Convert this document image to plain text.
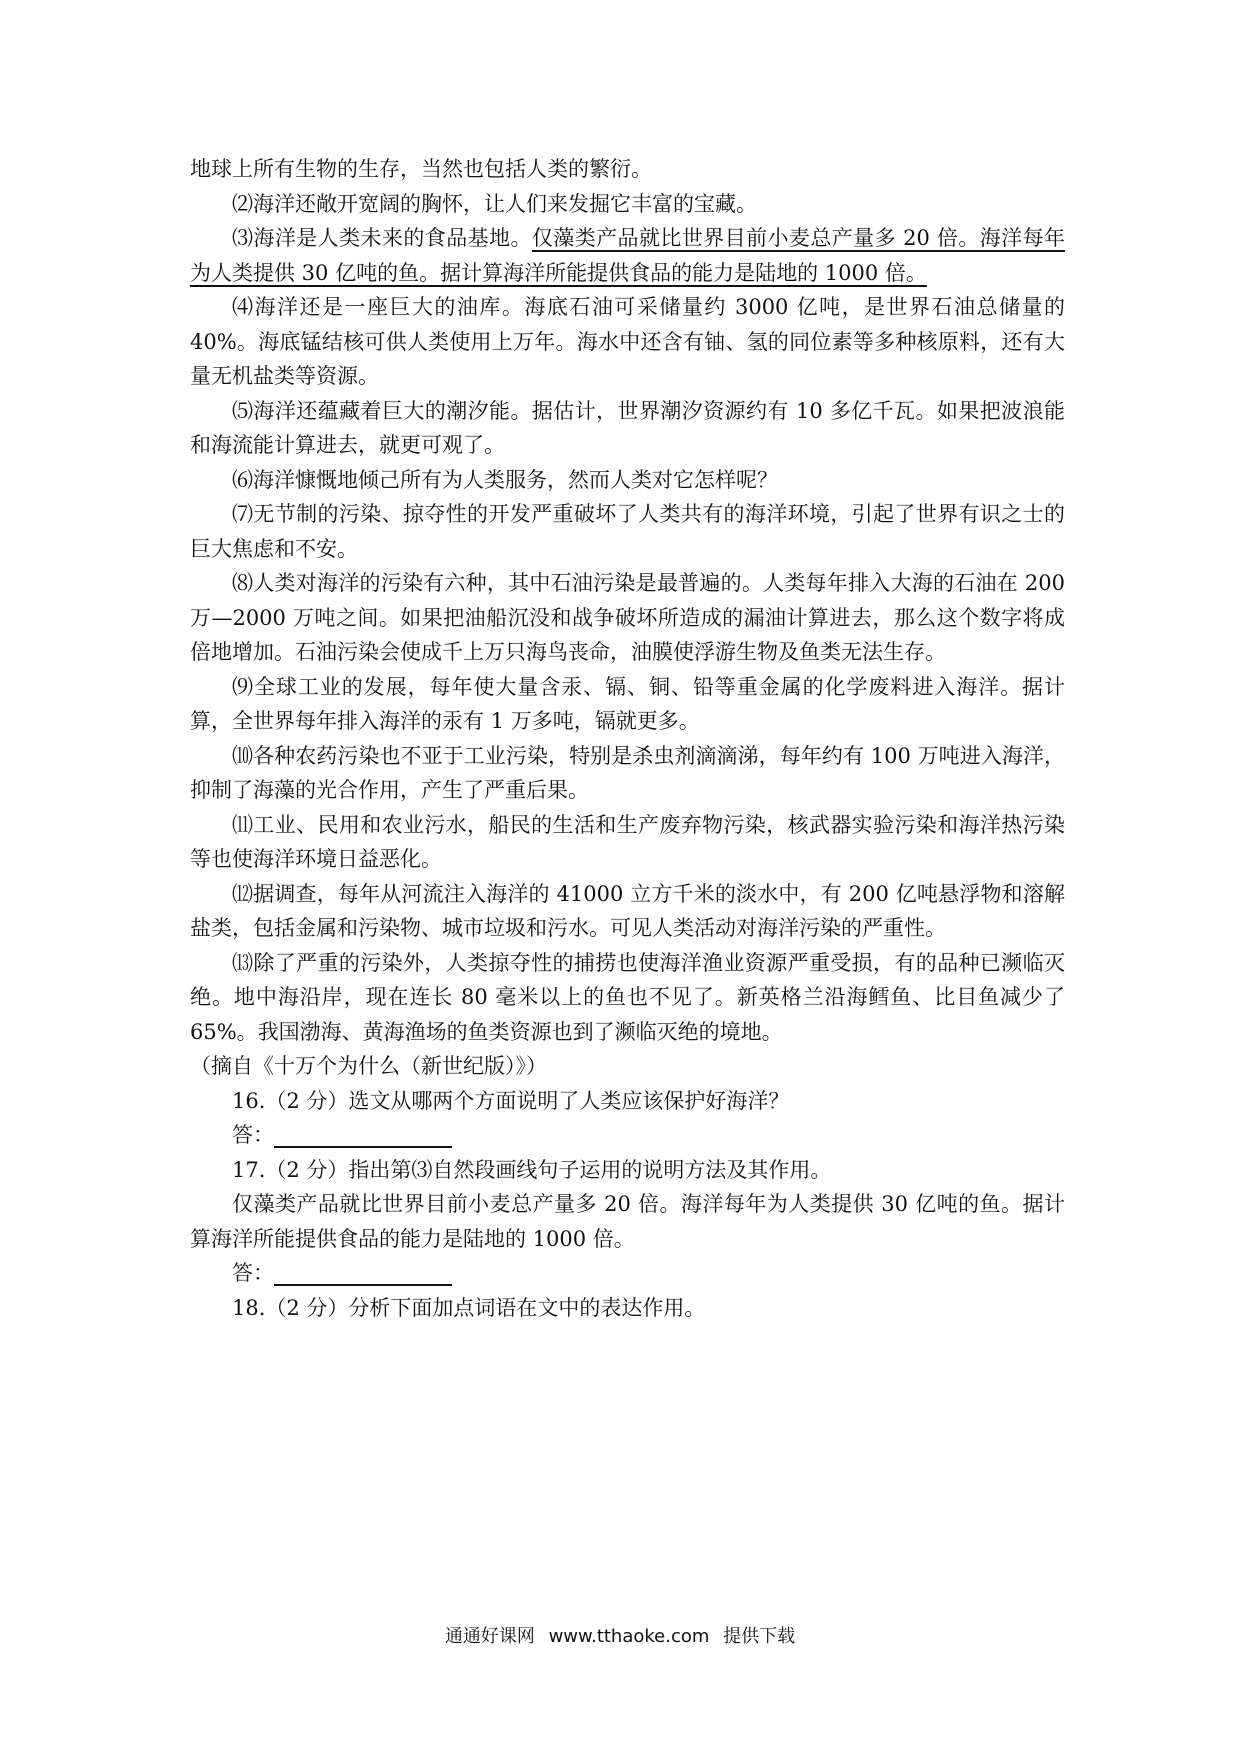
地球上所有生物的生存，当然也包括人类的繁衍。

⑵海洋还敞开宽阔的胸怀，让人们来发掘它丰富的宝藏。

⑶海洋是人类未来的食品基地。仅藻类产品就比世界目前小麦总产量多 20 倍。海洋每年为人类提供 30 亿吨的鱼。据计算海洋所能提供食品的能力是陆地的 1000 倍。

⑷海洋还是一座巨大的油库。海底石油可采储量约 3000 亿吨，是世界石油总储量的 40%。海底锰结核可供人类使用上万年。海水中还含有铀、氢的同位素等多种核原料，还有大量无机盐类等资源。

⑸海洋还蕴藏着巨大的潮汐能。据估计，世界潮汐资源约有 10 多亿千瓦。如果把波浪能和海流能计算进去，就更可观了。

⑹海洋慷慨地倾己所有为人类服务，然而人类对它怎样呢？

⑺无节制的污染、掠夺性的开发严重破坏了人类共有的海洋环境，引起了世界有识之士的巨大焦虑和不安。

⑻人类对海洋的污染有六种，其中石油污染是最普遍的。人类每年排入大海的石油在 200 万—2000 万吨之间。如果把油船沉没和战争破坏所造成的漏油计算进去，那么这个数字将成倍地增加。石油污染会使成千上万只海鸟丧命，油膜使浮游生物及鱼类无法生存。

⑼全球工业的发展，每年使大量含汞、镉、铜、铅等重金属的化学废料进入海洋。据计算，全世界每年排入海洋的汞有 1 万多吨，镉就更多。

⑽各种农药污染也不亚于工业污染，特别是杀虫剂滴滴涕，每年约有 100 万吨进入海洋，抑制了海藻的光合作用，产生了严重后果。

⑾工业、民用和农业污水，船民的生活和生产废弃物污染，核武器实验污染和海洋热污染等也使海洋环境日益恶化。

⑿据调查，每年从河流注入海洋的 41000 立方千米的淡水中，有 200 亿吨悬浮物和溶解盐类，包括金属和污染物、城市垃圾和污水。可见人类活动对海洋污染的严重性。

⒀除了严重的污染外，人类掠夺性的捕捞也使海洋渔业资源严重受损，有的品种已濒临灭绝。地中海沿岸，现在连长 80 毫米以上的鱼也不见了。新英格兰沿海鳕鱼、比目鱼减少了 65%。我国渤海、黄海渔场的鱼类资源也到了濒临灭绝的境地。

（摘自《十万个为什么（新世纪版）》）

16.（2 分）选文从哪两个方面说明了人类应该保护好海洋？

答：

17.（2 分）指出第⑶自然段画线句子运用的说明方法及其作用。

仅藻类产品就比世界目前小麦总产量多 20 倍。海洋每年为人类提供 30 亿吨的鱼。据计算海洋所能提供食品的能力是陆地的 1000 倍。

答：

18.（2 分）分析下面加点词语在文中的表达作用。

通通好课网 www.tthaoke.com 提供下载
